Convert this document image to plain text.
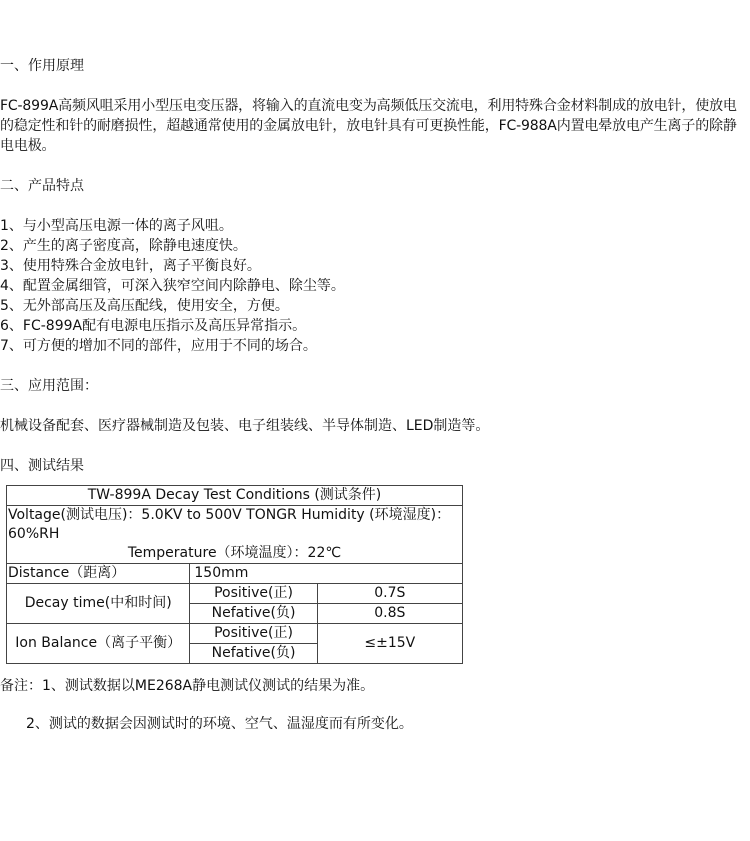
一、作用原理

FC-899A高频风咀采用小型压电变压器，将输入的直流电变为高频低压交流电，利用特殊合金材料制成的放电针，使放电的稳定性和针的耐磨损性，超越通常使用的金属放电针，放电针具有可更换性能，FC-988A内置电晕放电产生离子的除静电电极。

二、产品特点

1、与小型高压电源一体的离子风咀。

2、产生的离子密度高，除静电速度快。

3、使用特殊合金放电针，离子平衡良好。

4、配置金属细管，可深入狭窄空间内除静电、除尘等。

5、无外部高压及高压配线，使用安全，方便。

6、FC-899A配有电源电压指示及高压异常指示。

7、可方便的增加不同的部件，应用于不同的场合。

三、应用范围：

机械设备配套、医疗器械制造及包装、电子组装线、半导体制造、LED制造等。

四、测试结果

TW-899A Decay Test Conditions (测试条件)		

Voltage(测试电压)：5.0KV to 500V TONGR Humidity (环境湿度)：60%RH
Temperature（环境温度）：22℃		

Distance（距离）	150mm	
Decay time(中和时间)	Positive(正)	0.7S
	Nefative(负)	0.8S
Ion Balance（离子平衡）	Positive(正)	≤±15V
	Nefative(负)	

备注：1、测试数据以ME268A静电测试仪测试的结果为准。

2、测试的数据会因测试时的环境、空气、温湿度而有所变化。
